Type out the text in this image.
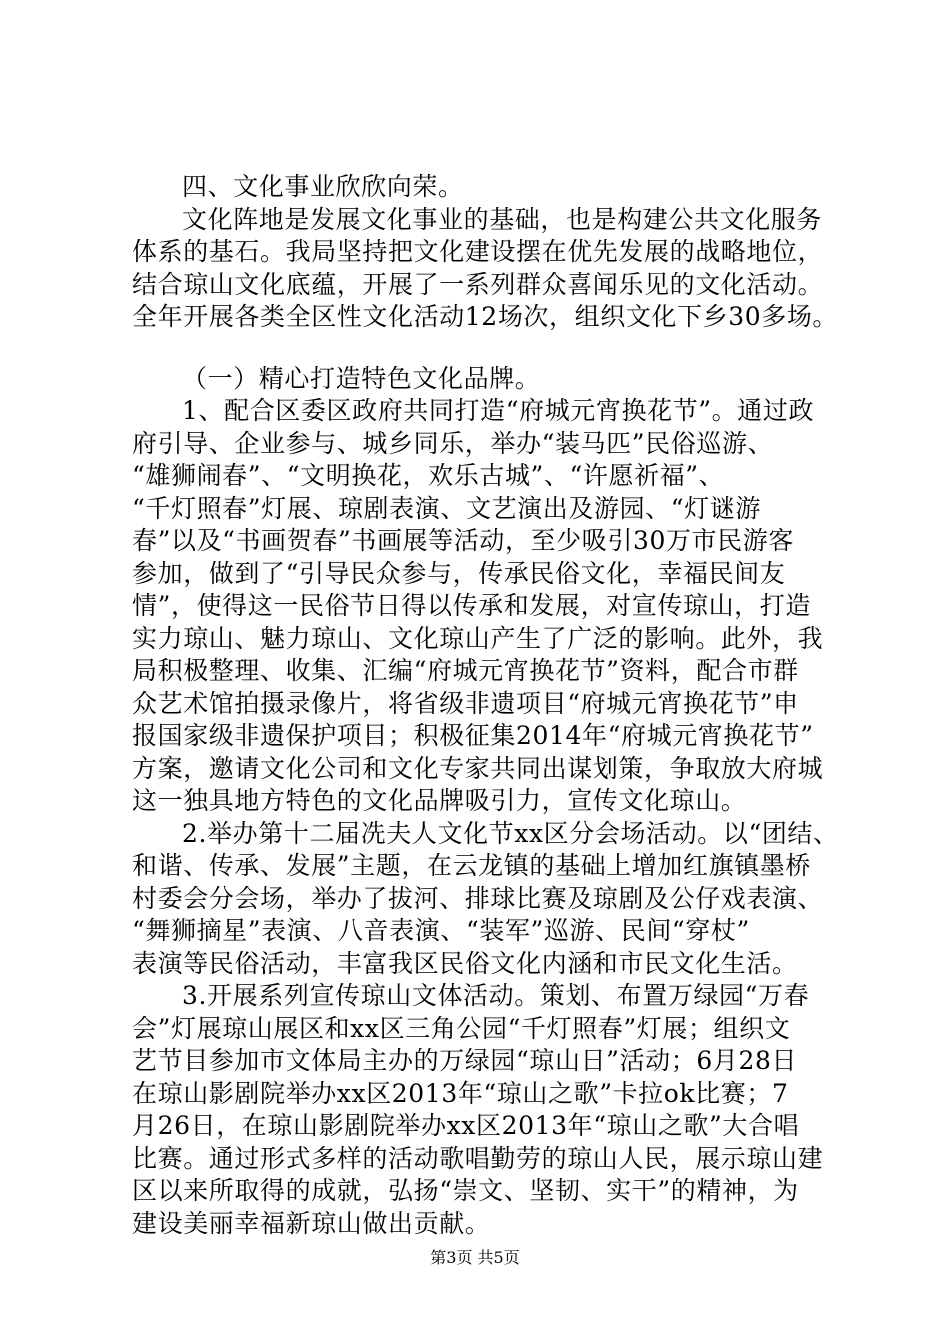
四、文化事业欣欣向荣。
文化阵地是发展文化事业的基础，也是构建公共文化服务
体系的基石。我局坚持把文化建设摆在优先发展的战略地位，
结合琼山文化底蕴，开展了一系列群众喜闻乐见的文化活动。
全年开展各类全区性文化活动12场次，组织文化下乡30多场。
（一）精心打造特色文化品牌。
1、配合区委区政府共同打造“府城元宵换花节”。通过政
府引导、企业参与、城乡同乐，举办“装马匹”民俗巡游、
“雄狮闹春”、“文明换花，欢乐古城”、“许愿祈福”、
“千灯照春”灯展、琼剧表演、文艺演出及游园、“灯谜游
春”以及“书画贺春”书画展等活动，至少吸引30万市民游客
参加，做到了“引导民众参与，传承民俗文化，幸福民间友
情”，使得这一民俗节日得以传承和发展，对宣传琼山，打造
实力琼山、魅力琼山、文化琼山产生了广泛的影响。此外，我
局积极整理、收集、汇编“府城元宵换花节”资料，配合市群
众艺术馆拍摄录像片，将省级非遗项目“府城元宵换花节”申
报国家级非遗保护项目；积极征集2014年“府城元宵换花节”
方案，邀请文化公司和文化专家共同出谋划策，争取放大府城
这一独具地方特色的文化品牌吸引力，宣传文化琼山。
2.举办第十二届冼夫人文化节xx区分会场活动。以“团结、
和谐、传承、发展”主题，在云龙镇的基础上增加红旗镇墨桥
村委会分会场，举办了拔河、排球比赛及琼剧及公仔戏表演、
“舞狮摘星”表演、八音表演、“装军”巡游、民间“穿杖”
表演等民俗活动，丰富我区民俗文化内涵和市民文化生活。
3.开展系列宣传琼山文体活动。策划、布置万绿园“万春
会”灯展琼山展区和xx区三角公园“千灯照春”灯展；组织文
艺节目参加市文体局主办的万绿园“琼山日”活动；6月28日
在琼山影剧院举办xx区2013年“琼山之歌”卡拉ok比赛；7
月26日，在琼山影剧院举办xx区2013年“琼山之歌”大合唱
比赛。通过形式多样的活动歌唱勤劳的琼山人民，展示琼山建
区以来所取得的成就，弘扬“崇文、坚韧、实干”的精神，为
建设美丽幸福新琼山做出贡献。
第3页 共5页
